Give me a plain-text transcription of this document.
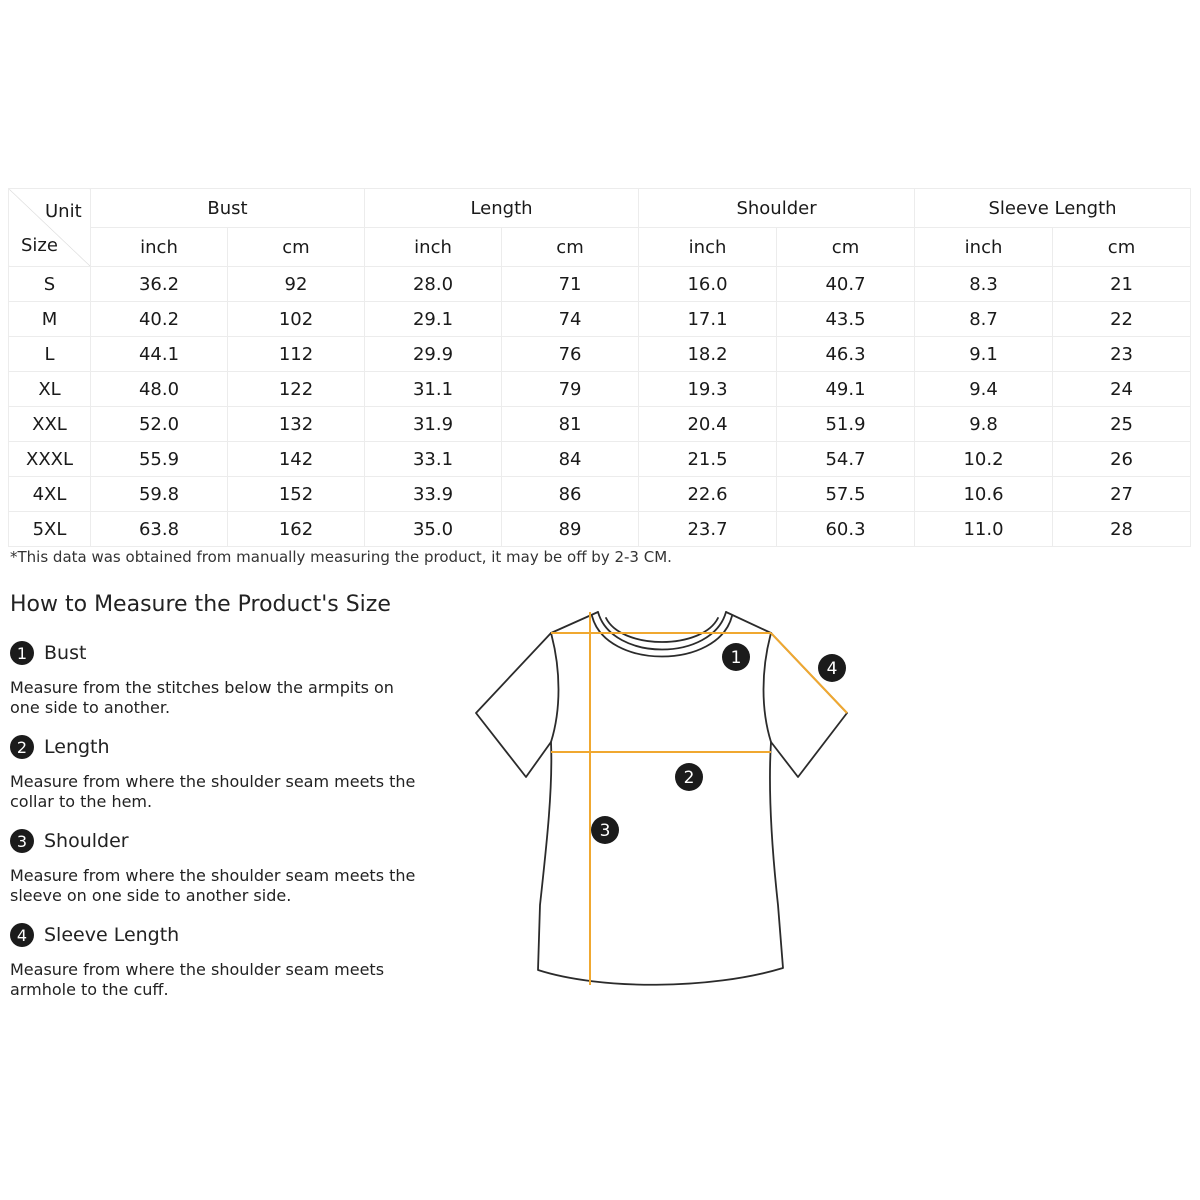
Unit
Size	Bust		Length		Shoulder		Sleeve Length	
	inch	cm	inch	cm	inch	cm	inch	cm
S	36.2	92	28.0	71	16.0	40.7	8.3	21
M	40.2	102	29.1	74	17.1	43.5	8.7	22
L	44.1	112	29.9	76	18.2	46.3	9.1	23
XL	48.0	122	31.1	79	19.3	49.1	9.4	24
XXL	52.0	132	31.9	81	20.4	51.9	9.8	25
XXXL	55.9	142	33.1	84	21.5	54.7	10.2	26
4XL	59.8	152	33.9	86	22.6	57.5	10.6	27
5XL	63.8	162	35.0	89	23.7	60.3	11.0	28
*This data was obtained from manually measuring the product, it may be off by 2-3 CM.
How to Measure the Product's Size
1 Bust
Measure from the stitches below the armpits on one side to another.
2 Length
Measure from where the shoulder seam meets the collar to the hem.
3 Shoulder
Measure from where the shoulder seam meets the sleeve on one side to another side.
4 Sleeve Length
Measure from where the shoulder seam meets armhole to the cuff.
1
2
3
4
